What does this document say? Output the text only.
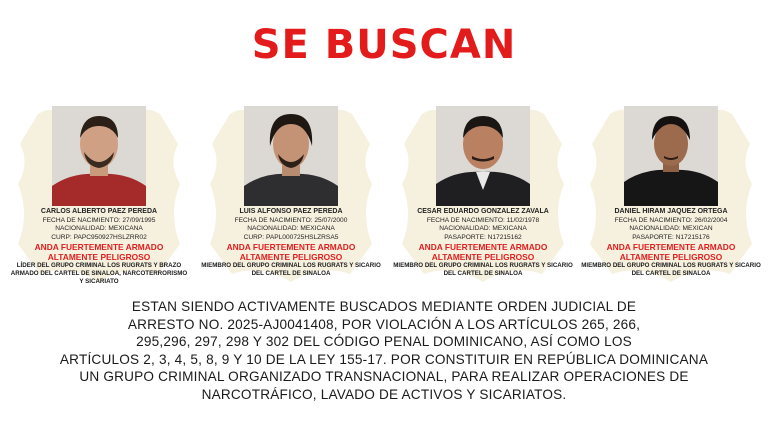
SE BUSCAN
CARLOS ALBERTO PAEZ PEREDA
FECHA DE NACIMIENTO: 27/09/1995
NACIONALIDAD: MEXICANA
CURP: PAPC950927HSLZRR02
ANDA FUERTEMENTE ARMADO
ALTAMENTE PELIGROSO
LÍDER DEL GRUPO CRIMINAL LOS RUGRATS Y BRAZO ARMADO DEL CARTEL DE SINALOA, NARCOTERRORISMO Y SICARIATO
LUIS ALFONSO PAEZ PEREDA
FECHA DE NACIMIENTO: 25/07/2000
NACIONALIDAD: MEXICANA
CURP: PAPL000725HSLZRSA5
ANDA FUERTEMENTE ARMADO
ALTAMENTE PELIGROSO
MIEMBRO DEL GRUPO CRIMINAL LOS RUGRATS Y SICARIO DEL CARTEL DE SINALOA
CESAR EDUARDO GONZALEZ ZAVALA
FECHA DE NACIMIENTO: 11/02/1978
NACIONALIDAD: MEXICANA
PASAPORTE: N17215162
ANDA FUERTEMENTE ARMADO
ALTAMENTE PELIGROSO
MIEMBRO DEL GRUPO CRIMINAL LOS RUGRATS Y SICARIO DEL CARTEL DE SINALOA
DANIEL HIRAM JAQUEZ ORTEGA
FECHA DE NACIMIENTO: 26/02/2004
NACIONALIDAD: MEXICAN
PASAPORTE: N17215176
ANDA FUERTEMENTE ARMADO
ALTAMENTE PELIGROSO
MIEMBRO DEL GRUPO CRIMINAL LOS RUGRATS Y SICARIO DEL CARTEL DE SINALOA
ESTAN SIENDO ACTIVAMENTE BUSCADOS MEDIANTE ORDEN JUDICIAL DE
ARRESTO NO. 2025-AJ0041408, POR VIOLACIÓN A LOS ARTÍCULOS 265, 266,
295,296, 297, 298 Y 302 DEL CÓDIGO PENAL DOMINICANO, ASÍ COMO LOS
ARTÍCULOS 2, 3, 4, 5, 8, 9 Y 10 DE LA LEY 155-17. POR CONSTITUIR EN REPÚBLICA DOMINICANA
UN GRUPO CRIMINAL ORGANIZADO TRANSNACIONAL, PARA REALIZAR OPERACIONES DE
NARCOTRÁFICO, LAVADO DE ACTIVOS Y SICARIATOS.
